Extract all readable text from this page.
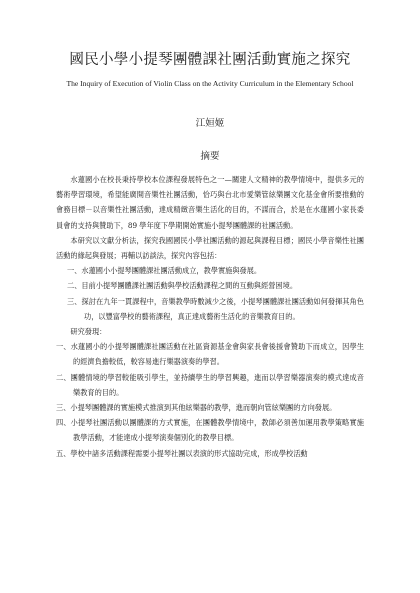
國民小學小提琴團體課社團活動實施之探究
The Inquiry of Execution of Violin Class on the Activity Curriculum in the Elementary School
江姮姬
摘要

水蓮國小在校長秉持學校本位課程發展特色之一—關建人文精神的教學情境中，提供多元的藝術學習環境，希望能廣開音樂性社團活動，恰巧與台北市愛樂管絃樂團文化基金會所要推動的會務目標－以音樂性社團活動，達成精緻音樂生活化的目的，不謀而合，於是在水蓮國小家長委員會的支持與贊助下，89 學年度下學期開始實施小提琴團體課的社團活動。

本研究以文獻分析法，探究我國國民小學社團活動的源起與課程目標；國民小學音樂性社團活動的緣起與發展；再輔以訪談法，探究內容包括：

一、水蓮國小小提琴團體課社團活動成立，教學實施與發展。

二、目前小提琴團體課社團活動與學校活動課程之間的互動與經營困境。

三、探討在九年一貫課程中，音樂教學時數減少之後，小提琴團體課社團活動如何發揮其角色功，以豐富學校的藝術課程，真正達成藝術生活化的音樂教育目的。

研究發現：

一、水蓮國小的小提琴團體課社團活動在社區資源基金會與家長會後援會贊助下而成立，因學生的經濟負擔較低，較容易進行樂器演奏的學習。

二、團體情境的學習較能吸引學生，並持續學生的學習興趣，進而以學習樂器演奏的模式達成音樂教育的目的。

三、小提琴團體課的實施模式推演到其他絃樂器的教學，進而朝向管絃樂團的方向發展。

四、小提琴社團活動以團體課的方式實施，在團體教學情境中，教師必須善加運用教學策略實施教學活動，才能達成小提琴演奏個別化的教學目標。

五、學校中諸多活動課程需要小提琴社團以表演的形式協助完成，形成學校活動
